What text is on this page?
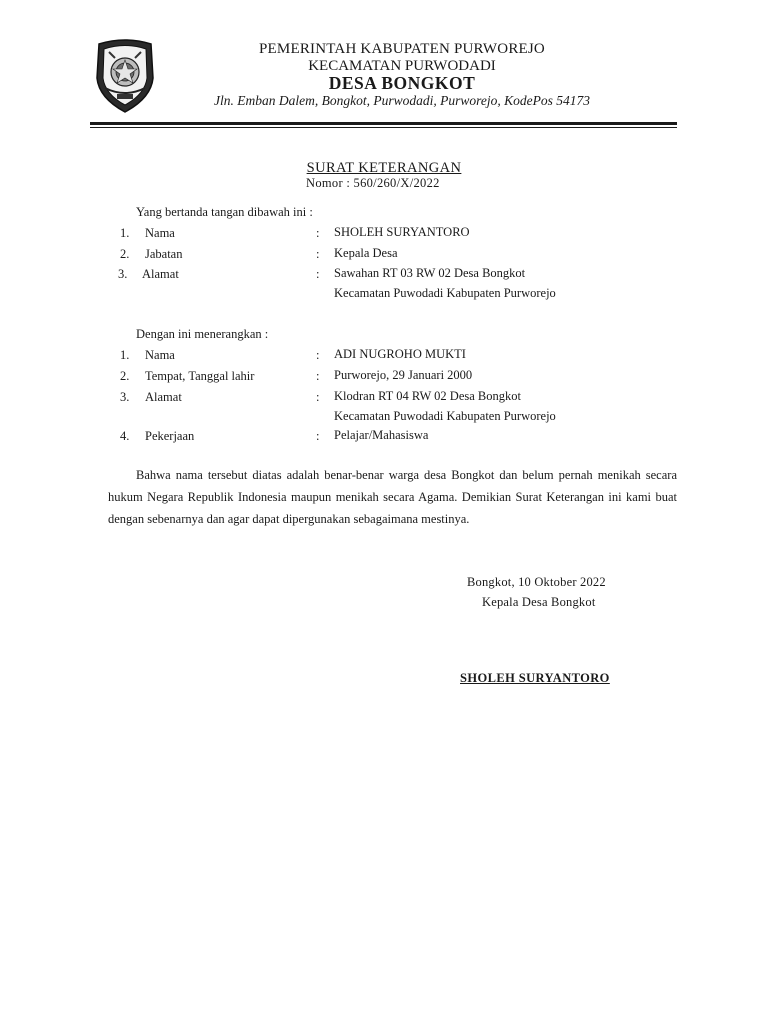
PEMERINTAH KABUPATEN PURWOREJO
KECAMATAN PURWODADI
DESA BONGKOT
Jln. Emban Dalem, Bongkot, Purwodadi, Purworejo, KodePos 54173
SURAT KETERANGAN
Nomor : 560/260/X/2022
Yang bertanda tangan dibawah ini :
1. Nama	: SHOLEH SURYANTORO
2. Jabatan	: Kepala Desa
3. Alamat	: Sawahan RT 03 RW 02 Desa Bongkot
Kecamatan Puwodadi Kabupaten Purworejo
Dengan ini menerangkan :
1. Nama	: ADI NUGROHO MUKTI
2. Tempat, Tanggal lahir	: Purworejo, 29 Januari 2000
3. Alamat	: Klodran RT 04 RW 02 Desa Bongkot
Kecamatan Puwodadi Kabupaten Purworejo
4. Pekerjaan	: Pelajar/Mahasiswa
Bahwa nama tersebut diatas adalah benar-benar warga desa Bongkot dan belum pernah menikah secara hukum Negara Republik Indonesia maupun menikah secara Agama. Demikian Surat Keterangan ini kami buat dengan sebenarnya dan agar dapat dipergunakan sebagaimana mestinya.
Bongkot, 10 Oktober 2022
Kepala Desa Bongkot
SHOLEH SURYANTORO
